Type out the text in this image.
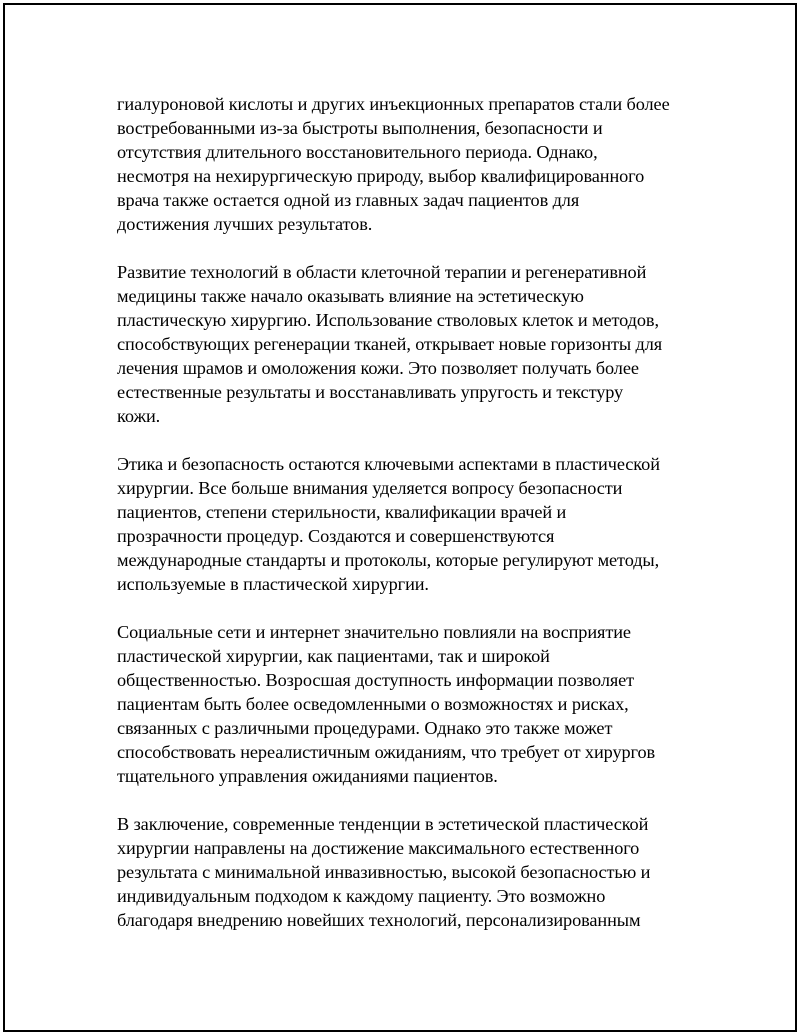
гиалуроновой кислоты и других инъекционных препаратов стали более
востребованными из-за быстроты выполнения, безопасности и
отсутствия длительного восстановительного периода. Однако,
несмотря на нехирургическую природу, выбор квалифицированного
врача также остается одной из главных задач пациентов для
достижения лучших результатов.
Развитие технологий в области клеточной терапии и регенеративной
медицины также начало оказывать влияние на эстетическую
пластическую хирургию. Использование стволовых клеток и методов,
способствующих регенерации тканей, открывает новые горизонты для
лечения шрамов и омоложения кожи. Это позволяет получать более
естественные результаты и восстанавливать упругость и текстуру
кожи.
Этика и безопасность остаются ключевыми аспектами в пластической
хирургии. Все больше внимания уделяется вопросу безопасности
пациентов, степени стерильности, квалификации врачей и
прозрачности процедур. Создаются и совершенствуются
международные стандарты и протоколы, которые регулируют методы,
используемые в пластической хирургии.
Социальные сети и интернет значительно повлияли на восприятие
пластической хирургии, как пациентами, так и широкой
общественностью. Возросшая доступность информации позволяет
пациентам быть более осведомленными о возможностях и рисках,
связанных с различными процедурами. Однако это также может
способствовать нереалистичным ожиданиям, что требует от хирургов
тщательного управления ожиданиями пациентов.
В заключение, современные тенденции в эстетической пластической
хирургии направлены на достижение максимального естественного
результата с минимальной инвазивностью, высокой безопасностью и
индивидуальным подходом к каждому пациенту. Это возможно
благодаря внедрению новейших технологий, персонализированным
